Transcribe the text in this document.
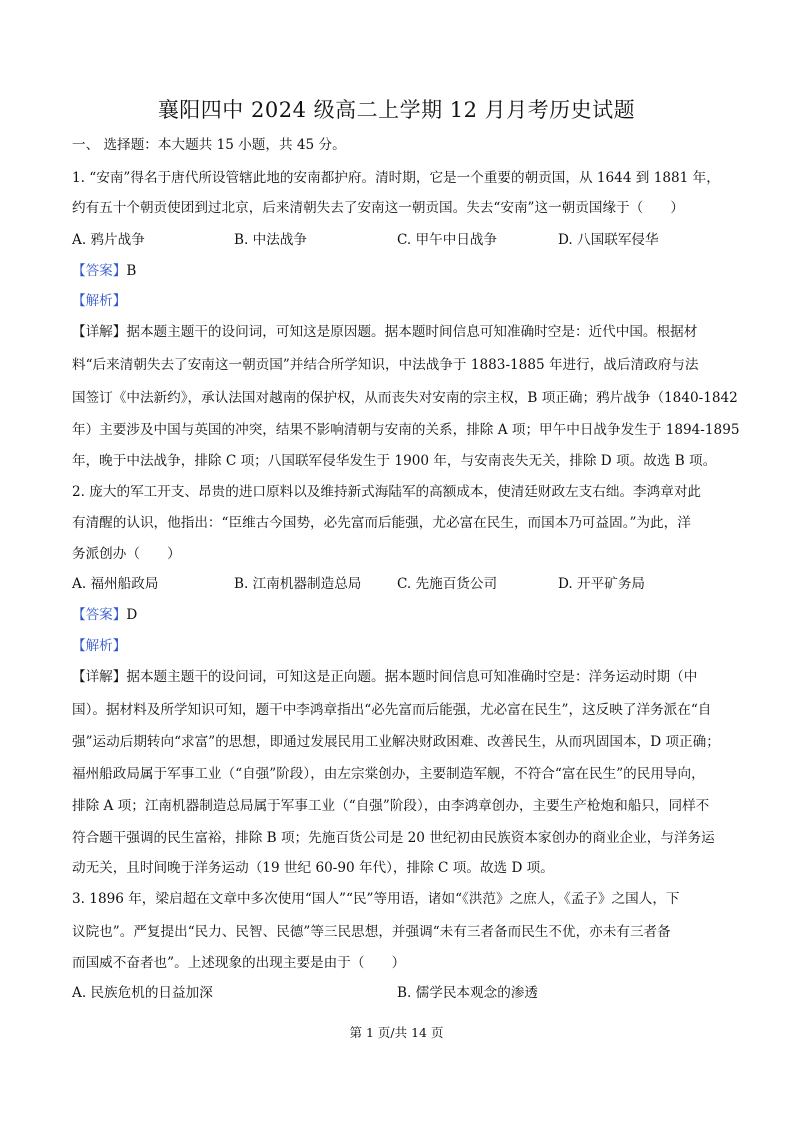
襄阳四中 2024 级高二上学期 12 月月考历史试题
一、 选择题：本大题共 15 小题，共 45 分。
1. “安南”得名于唐代所设管辖此地的安南都护府。清时期，它是一个重要的朝贡国，从 1644 到 1881 年，
约有五十个朝贡使团到过北京，后来清朝失去了安南这一朝贡国。失去“安南”这一朝贡国缘于（　　）
A. 鸦片战争	B. 中法战争	C. 甲午中日战争	D. 八国联军侵华
【答案】B
【解析】
【详解】据本题主题干的设问词，可知这是原因题。据本题时间信息可知准确时空是：近代中国。根据材
料“后来清朝失去了安南这一朝贡国”并结合所学知识，中法战争于 1883-1885 年进行，战后清政府与法
国签订《中法新约》，承认法国对越南的保护权，从而丧失对安南的宗主权，B 项正确；鸦片战争（1840-1842
年）主要涉及中国与英国的冲突，结果不影响清朝与安南的关系，排除 A 项；甲午中日战争发生于 1894-1895
年，晚于中法战争，排除 C 项；八国联军侵华发生于 1900 年，与安南丧失无关，排除 D 项。故选 B 项。
2. 庞大的军工开支、昂贵的进口原料以及维持新式海陆军的高额成本，使清廷财政左支右绌。李鸿章对此
有清醒的认识，他指出：“臣维古今国势，必先富而后能强，尤必富在民生，而国本乃可益固。”为此，洋
务派创办（　　）
A. 福州船政局	B. 江南机器制造总局	C. 先施百货公司	D. 开平矿务局
【答案】D
【解析】
【详解】据本题主题干的设问词，可知这是正向题。据本题时间信息可知准确时空是：洋务运动时期（中
国）。据材料及所学知识可知，题干中李鸿章指出“必先富而后能强，尤必富在民生”，这反映了洋务派在“自
强”运动后期转向“求富”的思想，即通过发展民用工业解决财政困难、改善民生，从而巩固国本，D 项正确；
福州船政局属于军事工业（“自强”阶段），由左宗棠创办，主要制造军舰，不符合“富在民生”的民用导向，
排除 A 项；江南机器制造总局属于军事工业（“自强”阶段），由李鸿章创办，主要生产枪炮和船只，同样不
符合题干强调的民生富裕，排除 B 项；先施百货公司是 20 世纪初由民族资本家创办的商业企业，与洋务运
动无关，且时间晚于洋务运动（19 世纪 60-90 年代），排除 C 项。故选 D 项。
3. 1896 年，梁启超在文章中多次使用“国人”“民”等用语，诸如“《洪范》之庶人，《孟子》之国人，下
议院也”。严复提出“民力、民智、民德”等三民思想，并强调“未有三者备而民生不优，亦未有三者备
而国威不奋者也”。上述现象的出现主要是由于（　　）
A. 民族危机的日益加深	B. 儒学民本观念的渗透
第 1 页/共 14 页
